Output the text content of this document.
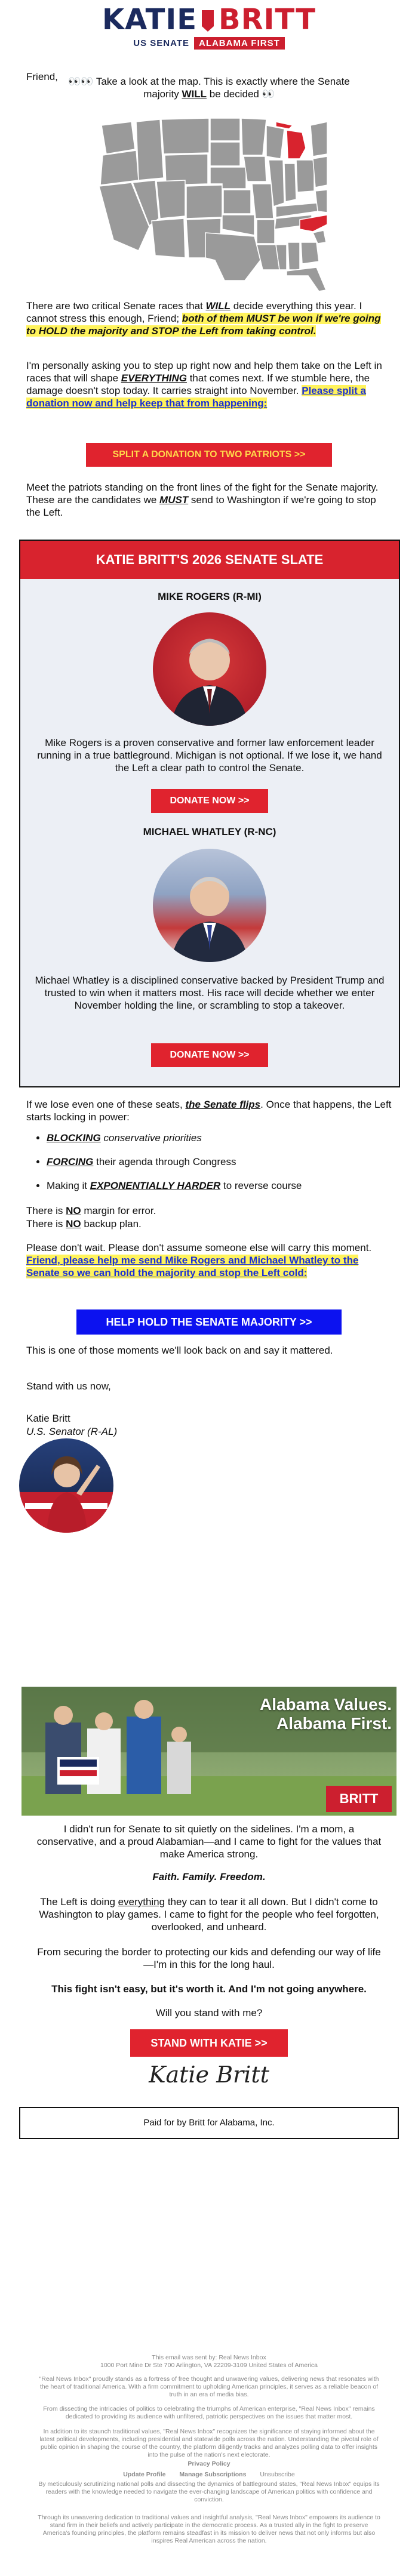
KATIE BRITT
US SENATE ALABAMA FIRST
Friend,	👀👀 Take a look at the map. This is exactly where the Senate
majority WILL be decided 👀
There are two critical Senate races that WILL decide everything this year. I cannot stress this enough, Friend; both of them MUST be won if we're going to HOLD the majority and STOP the Left from taking control.
I'm personally asking you to step up right now and help them take on the Left in races that will shape EVERYTHING that comes next. If we stumble here, the damage doesn't stop today. It carries straight into November. Please split a donation now and help keep that from happening:
SPLIT A DONATION TO TWO PATRIOTS >>
Meet the patriots standing on the front lines of the fight for the Senate majority. These are the candidates we MUST send to Washington if we're going to stop the Left.
KATIE BRITT'S 2026 SENATE SLATE
MIKE ROGERS (R-MI)
Mike Rogers is a proven conservative and former law enforcement leader running in a true battleground. Michigan is not optional. If we lose it, we hand the Left a clear path to control the Senate.
DONATE NOW >>
MICHAEL WHATLEY (R-NC)
Michael Whatley is a disciplined conservative backed by President Trump and trusted to win when it matters most. His race will decide whether we enter November holding the line, or scrambling to stop a takeover.
DONATE NOW >>
If we lose even one of these seats, the Senate flips. Once that happens, the Left starts locking in power:
• BLOCKING conservative priorities
• FORCING their agenda through Congress
• Making it EXPONENTIALLY HARDER to reverse course
There is NO margin for error.
There is NO backup plan.
Please don't wait. Please don't assume someone else will carry this moment. Friend, please help me send Mike Rogers and Michael Whatley to the Senate so we can hold the majority and stop the Left cold:
HELP HOLD THE SENATE MAJORITY >>
This is one of those moments we'll look back on and say it mattered.
Stand with us now,
Katie Britt
U.S. Senator (R-AL)
Alabama Values.
Alabama First.
BRITT
I didn't run for Senate to sit quietly on the sidelines. I'm a mom, a conservative, and a proud Alabamian—and I came to fight for the values that make America strong.
Faith. Family. Freedom.
The Left is doing everything they can to tear it all down. But I didn't come to Washington to play games. I came to fight for the people who feel forgotten, overlooked, and unheard.
From securing the border to protecting our kids and defending our way of life—I'm in this for the long haul.
This fight isn't easy, but it's worth it. And I'm not going anywhere.
Will you stand with me?
STAND WITH KATIE >>
Katie Britt
Paid for by Britt for Alabama, Inc.
This email was sent by: Real News Inbox
1000 Port Mine Dr Ste 700 Arlington, VA 22209-3109 United States of America
"Real News Inbox" proudly stands as a fortress of free thought and unwavering values, delivering news that resonates with the heart of traditional America. With a firm commitment to upholding American principles, it serves as a reliable beacon of truth in an era of media bias.
From dissecting the intricacies of politics to celebrating the triumphs of American enterprise, "Real News Inbox" remains dedicated to providing its audience with unfiltered, patriotic perspectives on the issues that matter most.
In addition to its staunch traditional values, "Real News Inbox" recognizes the significance of staying informed about the latest political developments, including presidential and statewide polls across the nation. Understanding the pivotal role of public opinion in shaping the course of the country, the platform diligently tracks and analyzes polling data to offer insights into the pulse of the nation's next electorate.
Privacy Policy
Update Profile Manage Subscriptions Unsubscribe
By meticulously scrutinizing national polls and dissecting the dynamics of battleground states, "Real News Inbox" equips its readers with the knowledge needed to navigate the ever-changing landscape of American politics with confidence and conviction.
Through its unwavering dedication to traditional values and insightful analysis, "Real News Inbox" empowers its audience to stand firm in their beliefs and actively participate in the democratic process. As a trusted ally in the fight to preserve America's founding principles, the platform remains steadfast in its mission to deliver news that not only informs but also inspires Real American across the nation.
